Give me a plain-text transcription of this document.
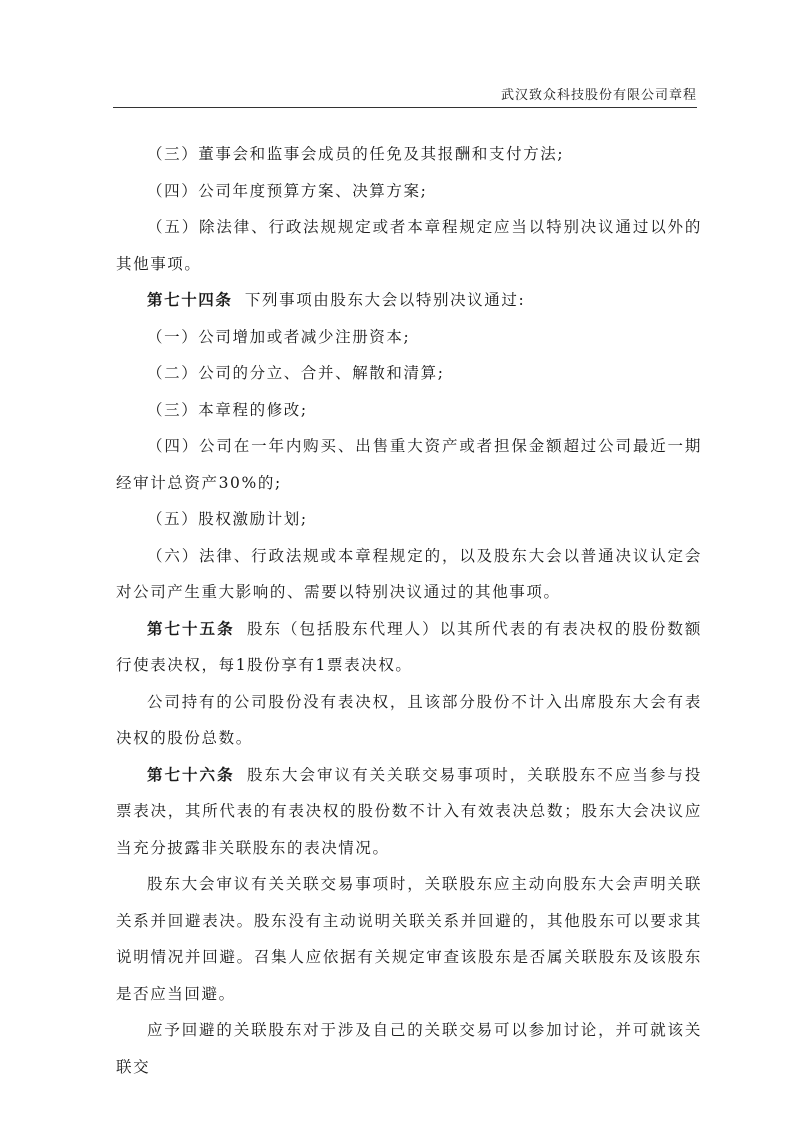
武汉致众科技股份有限公司章程

（三）董事会和监事会成员的任免及其报酬和支付方法;

（四）公司年度预算方案、决算方案;

（五）除法律、行政法规规定或者本章程规定应当以特别决议通过以外的其他事项。

第七十四条 下列事项由股东大会以特别决议通过:

（一）公司增加或者减少注册资本;

（二）公司的分立、合并、解散和清算;

（三）本章程的修改;

（四）公司在一年内购买、出售重大资产或者担保金额超过公司最近一期经审计总资产30%的;

（五）股权激励计划;

（六）法律、行政法规或本章程规定的，以及股东大会以普通决议认定会对公司产生重大影响的、需要以特别决议通过的其他事项。

第七十五条 股东（包括股东代理人）以其所代表的有表决权的股份数额行使表决权，每1股份享有1票表决权。

公司持有的公司股份没有表决权，且该部分股份不计入出席股东大会有表决权的股份总数。

第七十六条 股东大会审议有关关联交易事项时，关联股东不应当参与投票表决，其所代表的有表决权的股份数不计入有效表决总数；股东大会决议应当充分披露非关联股东的表决情况。

股东大会审议有关关联交易事项时，关联股东应主动向股东大会声明关联关系并回避表决。股东没有主动说明关联关系并回避的，其他股东可以要求其说明情况并回避。召集人应依据有关规定审查该股东是否属关联股东及该股东是否应当回避。

应予回避的关联股东对于涉及自己的关联交易可以参加讨论，并可就该关联交
